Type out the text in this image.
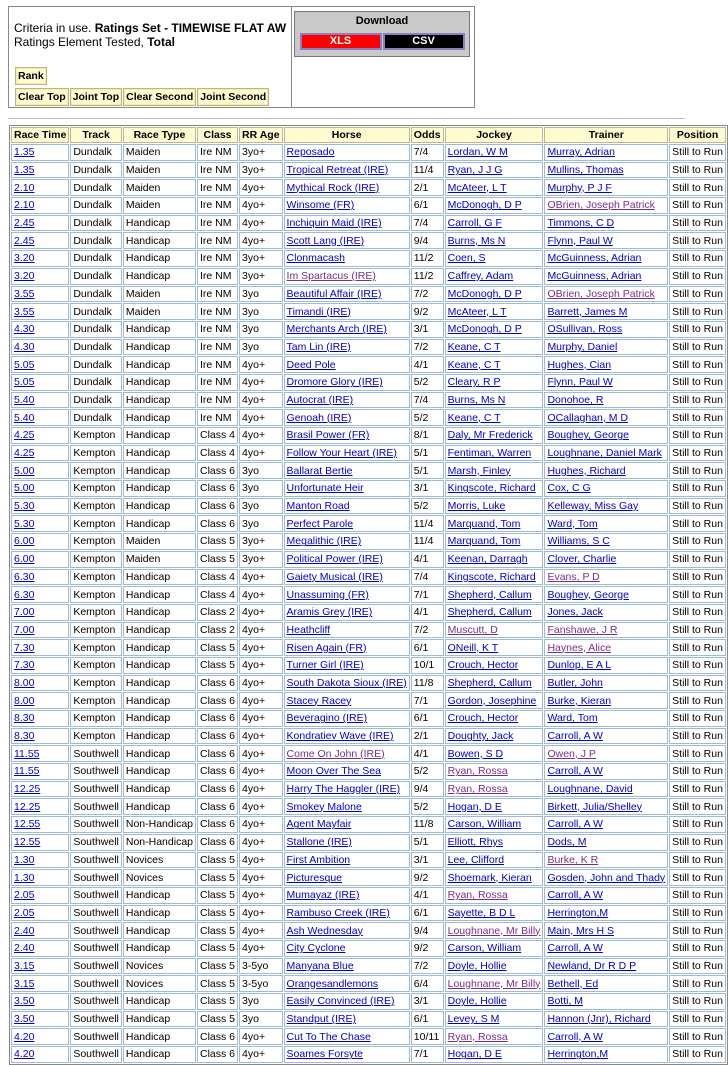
Criteria in use. Ratings Set - TIMEWISE FLAT AW
Ratings Element Tested, Total
Rank
Clear Top Joint Top Clear Second Joint Second
Download
XLS	CSV
Race Time	Track	Race Type	Class	RR Age	Horse	Odds	Jockey	Trainer	Position
1.35	Dundalk	Maiden	Ire NM	3yo+	Reposado	7/4	Lordan, W M	Murray, Adrian	Still to Run
1.35	Dundalk	Maiden	Ire NM	3yo+	Tropical Retreat (IRE)	11/4	Ryan, J J G	Mullins, Thomas	Still to Run
2.10	Dundalk	Maiden	Ire NM	4yo+	Mythical Rock (IRE)	2/1	McAteer, L T	Murphy, P J F	Still to Run
2.10	Dundalk	Maiden	Ire NM	4yo+	Winsome (FR)	6/1	McDonogh, D P	OBrien, Joseph Patrick	Still to Run
2.45	Dundalk	Handicap	Ire NM	4yo+	Inchiquin Maid (IRE)	7/4	Carroll, G F	Timmons, C D	Still to Run
2.45	Dundalk	Handicap	Ire NM	4yo+	Scott Lang (IRE)	9/4	Burns, Ms N	Flynn, Paul W	Still to Run
3.20	Dundalk	Handicap	Ire NM	3yo+	Clonmacash	11/2	Coen, S	McGuinness, Adrian	Still to Run
3.20	Dundalk	Handicap	Ire NM	3yo+	Im Spartacus (IRE)	11/2	Caffrey, Adam	McGuinness, Adrian	Still to Run
3.55	Dundalk	Maiden	Ire NM	3yo	Beautiful Affair (IRE)	7/2	McDonogh, D P	OBrien, Joseph Patrick	Still to Run
3.55	Dundalk	Maiden	Ire NM	3yo	Timandi (IRE)	9/2	McAteer, L T	Barrett, James M	Still to Run
4.30	Dundalk	Handicap	Ire NM	3yo	Merchants Arch (IRE)	3/1	McDonogh, D P	OSullivan, Ross	Still to Run
4.30	Dundalk	Handicap	Ire NM	3yo	Tam Lin (IRE)	7/2	Keane, C T	Murphy, Daniel	Still to Run
5.05	Dundalk	Handicap	Ire NM	4yo+	Deed Pole	4/1	Keane, C T	Hughes, Cian	Still to Run
5.05	Dundalk	Handicap	Ire NM	4yo+	Dromore Glory (IRE)	5/2	Cleary, R P	Flynn, Paul W	Still to Run
5.40	Dundalk	Handicap	Ire NM	4yo+	Autocrat (IRE)	7/4	Burns, Ms N	Donohoe, R	Still to Run
5.40	Dundalk	Handicap	Ire NM	4yo+	Genoah (IRE)	5/2	Keane, C T	OCallaghan, M D	Still to Run
4.25	Kempton	Handicap	Class 4	4yo+	Brasil Power (FR)	8/1	Daly, Mr Frederick	Boughey, George	Still to Run
4.25	Kempton	Handicap	Class 4	4yo+	Follow Your Heart (IRE)	5/1	Fentiman, Warren	Loughnane, Daniel Mark	Still to Run
5.00	Kempton	Handicap	Class 6	3yo	Ballarat Bertie	5/1	Marsh, Finley	Hughes, Richard	Still to Run
5.00	Kempton	Handicap	Class 6	3yo	Unfortunate Heir	3/1	Kingscote, Richard	Cox, C G	Still to Run
5.30	Kempton	Handicap	Class 6	3yo	Manton Road	5/2	Morris, Luke	Kelleway, Miss Gay	Still to Run
5.30	Kempton	Handicap	Class 6	3yo	Perfect Parole	11/4	Marquand, Tom	Ward, Tom	Still to Run
6.00	Kempton	Maiden	Class 5	3yo+	Megalithic (IRE)	11/4	Marquand, Tom	Williams, S C	Still to Run
6.00	Kempton	Maiden	Class 5	3yo+	Political Power (IRE)	4/1	Keenan, Darragh	Clover, Charlie	Still to Run
6.30	Kempton	Handicap	Class 4	4yo+	Gaiety Musical (IRE)	7/4	Kingscote, Richard	Evans, P D	Still to Run
6.30	Kempton	Handicap	Class 4	4yo+	Unassuming (FR)	7/1	Shepherd, Callum	Boughey, George	Still to Run
7.00	Kempton	Handicap	Class 2	4yo+	Aramis Grey (IRE)	4/1	Shepherd, Callum	Jones, Jack	Still to Run
7.00	Kempton	Handicap	Class 2	4yo+	Heathcliff	7/2	Muscutt, D	Fanshawe, J R	Still to Run
7.30	Kempton	Handicap	Class 5	4yo+	Risen Again (FR)	6/1	ONeill, K T	Haynes, Alice	Still to Run
7.30	Kempton	Handicap	Class 5	4yo+	Turner Girl (IRE)	10/1	Crouch, Hector	Dunlop, E A L	Still to Run
8.00	Kempton	Handicap	Class 6	4yo+	South Dakota Sioux (IRE)	11/8	Shepherd, Callum	Butler, John	Still to Run
8.00	Kempton	Handicap	Class 6	4yo+	Stacey Racey	7/1	Gordon, Josephine	Burke, Kieran	Still to Run
8.30	Kempton	Handicap	Class 6	4yo+	Beveragino (IRE)	6/1	Crouch, Hector	Ward, Tom	Still to Run
8.30	Kempton	Handicap	Class 6	4yo+	Kondratiev Wave (IRE)	2/1	Doughty, Jack	Carroll, A W	Still to Run
11.55	Southwell	Handicap	Class 6	4yo+	Come On John (IRE)	4/1	Bowen, S D	Owen, J P	Still to Run
11.55	Southwell	Handicap	Class 6	4yo+	Moon Over The Sea	5/2	Ryan, Rossa	Carroll, A W	Still to Run
12.25	Southwell	Handicap	Class 6	4yo+	Harry The Haggler (IRE)	9/4	Ryan, Rossa	Loughnane, David	Still to Run
12.25	Southwell	Handicap	Class 6	4yo+	Smokey Malone	5/2	Hogan, D E	Birkett, Julia/Shelley	Still to Run
12.55	Southwell	Non-Handicap	Class 6	4yo+	Agent Mayfair	11/8	Carson, William	Carroll, A W	Still to Run
12.55	Southwell	Non-Handicap	Class 6	4yo+	Stallone (IRE)	5/1	Elliott, Rhys	Dods, M	Still to Run
1.30	Southwell	Novices	Class 5	4yo+	First Ambition	3/1	Lee, Clifford	Burke, K R	Still to Run
1.30	Southwell	Novices	Class 5	4yo+	Picturesque	9/2	Shoemark, Kieran	Gosden, John and Thady	Still to Run
2.05	Southwell	Handicap	Class 5	4yo+	Mumayaz (IRE)	4/1	Ryan, Rossa	Carroll, A W	Still to Run
2.05	Southwell	Handicap	Class 5	4yo+	Rambuso Creek (IRE)	6/1	Sayette, B D L	Herrington,M	Still to Run
2.40	Southwell	Handicap	Class 5	4yo+	Ash Wednesday	9/4	Loughnane, Mr Billy	Main, Mrs H S	Still to Run
2.40	Southwell	Handicap	Class 5	4yo+	City Cyclone	9/2	Carson, William	Carroll, A W	Still to Run
3.15	Southwell	Novices	Class 5	3-5yo	Manyana Blue	7/2	Doyle, Hollie	Newland, Dr R D P	Still to Run
3.15	Southwell	Novices	Class 5	3-5yo	Orangesandlemons	6/4	Loughnane, Mr Billy	Bethell, Ed	Still to Run
3.50	Southwell	Handicap	Class 5	3yo	Easily Convinced (IRE)	3/1	Doyle, Hollie	Botti, M	Still to Run
3.50	Southwell	Handicap	Class 5	3yo	Standput (IRE)	6/1	Levey, S M	Hannon (Jnr), Richard	Still to Run
4.20	Southwell	Handicap	Class 6	4yo+	Cut To The Chase	10/11	Ryan, Rossa	Carroll, A W	Still to Run
4.20	Southwell	Handicap	Class 6	4yo+	Soames Forsyte	7/1	Hogan, D E	Herrington,M	Still to Run
